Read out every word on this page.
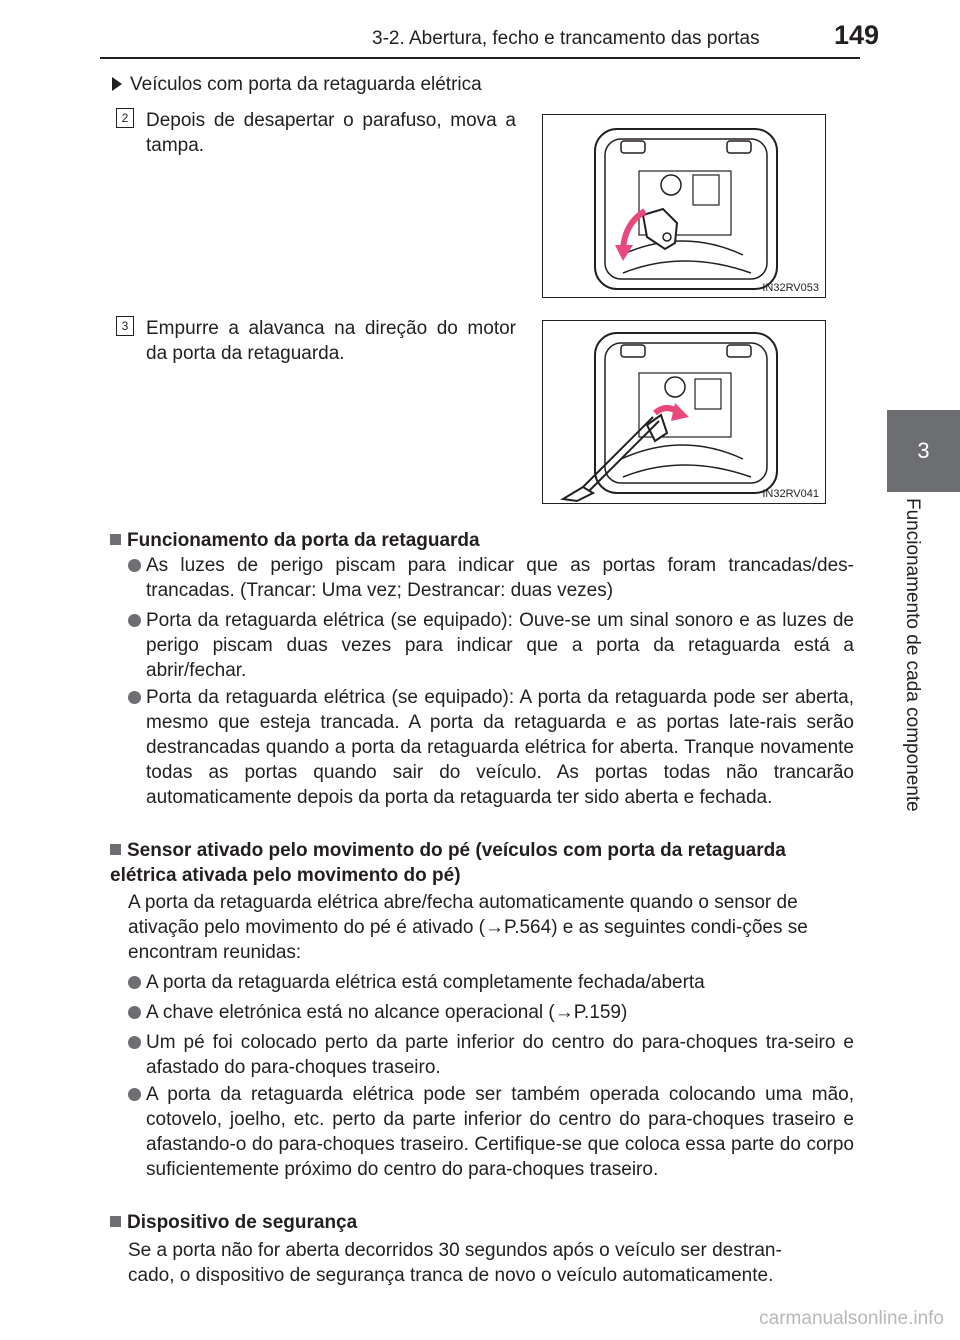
3-2. Abertura, fecho e trancamento das portas	149
3
Funcionamento de cada componente
Veículos com porta da retaguarda elétrica
2 Depois de desapertar o parafuso, mova a tampa.
IN32RV053
3 Empurre a alavanca na direção do motor da porta da retaguarda.
IN32RV041
Funcionamento da porta da retaguarda
As luzes de perigo piscam para indicar que as portas foram trancadas/des-trancadas. (Trancar: Uma vez; Destrancar: duas vezes)
Porta da retaguarda elétrica (se equipado): Ouve-se um sinal sonoro e as luzes de perigo piscam duas vezes para indicar que a porta da retaguarda está a abrir/fechar.
Porta da retaguarda elétrica (se equipado): A porta da retaguarda pode ser aberta, mesmo que esteja trancada. A porta da retaguarda e as portas late-rais serão destrancadas quando a porta da retaguarda elétrica for aberta. Tranque novamente todas as portas quando sair do veículo. As portas todas não trancarão automaticamente depois da porta da retaguarda ter sido aberta e fechada.
Sensor ativado pelo movimento do pé (veículos com porta da retaguarda elétrica ativada pelo movimento do pé)
A porta da retaguarda elétrica abre/fecha automaticamente quando o sensor de ativação pelo movimento do pé é ativado (→P.564) e as seguintes condi-ções se encontram reunidas:
A porta da retaguarda elétrica está completamente fechada/aberta
A chave eletrónica está no alcance operacional (→P.159)
Um pé foi colocado perto da parte inferior do centro do para-choques tra-seiro e afastado do para-choques traseiro.
A porta da retaguarda elétrica pode ser também operada colocando uma mão, cotovelo, joelho, etc. perto da parte inferior do centro do para-choques traseiro e afastando-o do para-choques traseiro. Certifique-se que coloca essa parte do corpo suficientemente próximo do centro do para-choques traseiro.
Dispositivo de segurança
Se a porta não for aberta decorridos 30 segundos após o veículo ser destran-cado, o dispositivo de segurança tranca de novo o veículo automaticamente.
carmanualsonline.info
